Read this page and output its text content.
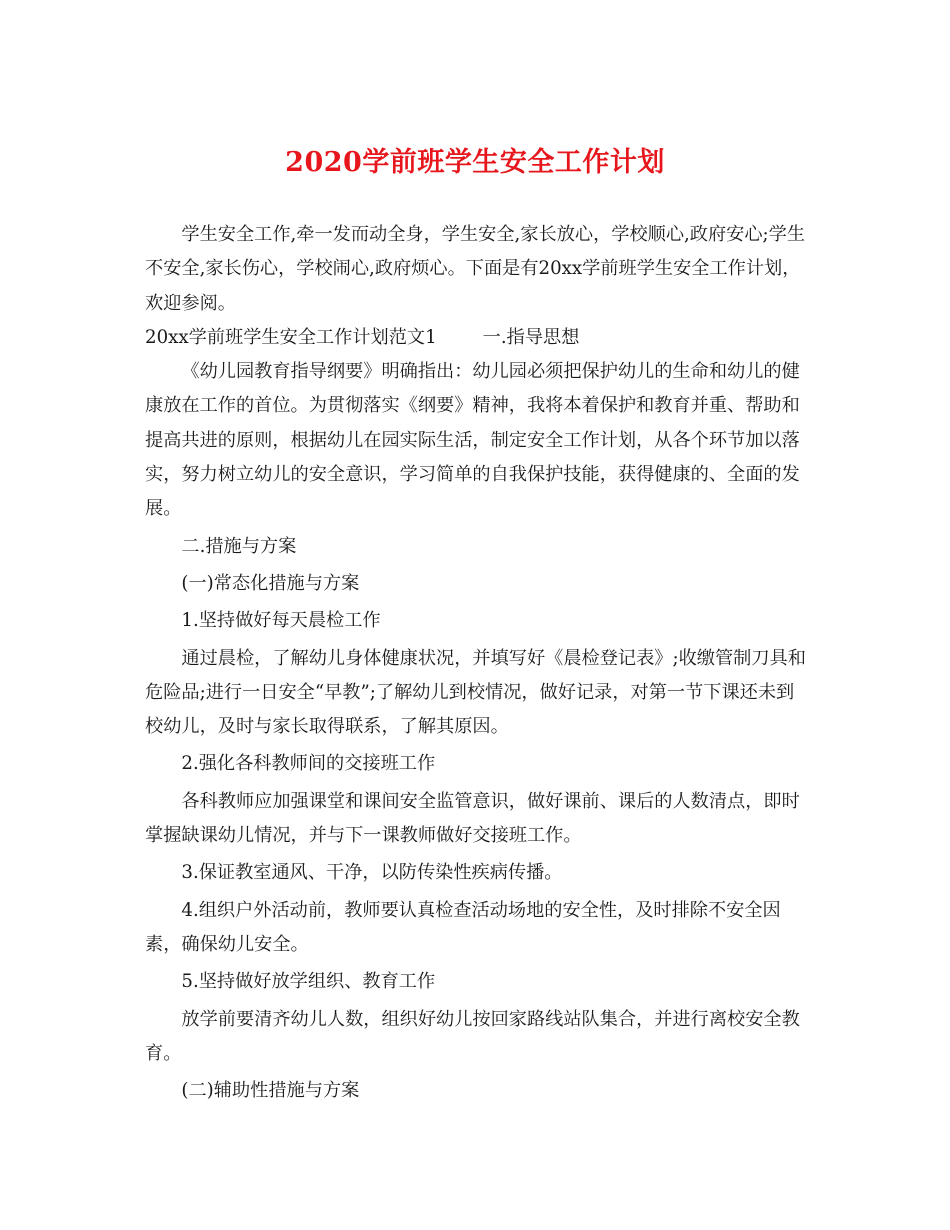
2020学前班学生安全工作计划

学生安全工作,牵一发而动全身，学生安全,家长放心，学校顺心,政府安心;学生不安全,家长伤心，学校闹心,政府烦心。下面是有20xx学前班学生安全工作计划，欢迎参阅。

20xx学前班学生安全工作计划范文1	一.指导思想

《幼儿园教育指导纲要》明确指出：幼儿园必须把保护幼儿的生命和幼儿的健康放在工作的首位。为贯彻落实《纲要》精神，我将本着保护和教育并重、帮助和提高共进的原则，根据幼儿在园实际生活，制定安全工作计划，从各个环节加以落实，努力树立幼儿的安全意识，学习简单的自我保护技能，获得健康的、全面的发展。

二.措施与方案

(一)常态化措施与方案

1.坚持做好每天晨检工作

通过晨检，了解幼儿身体健康状况，并填写好《晨检登记表》;收缴管制刀具和危险品;进行一日安全“早教”;了解幼儿到校情况，做好记录，对第一节下课还未到校幼儿，及时与家长取得联系，了解其原因。

2.强化各科教师间的交接班工作

各科教师应加强课堂和课间安全监管意识，做好课前、课后的人数清点，即时掌握缺课幼儿情况，并与下一课教师做好交接班工作。

3.保证教室通风、干净，以防传染性疾病传播。

4.组织户外活动前，教师要认真检查活动场地的安全性，及时排除不安全因素，确保幼儿安全。

5.坚持做好放学组织、教育工作

放学前要清齐幼儿人数，组织好幼儿按回家路线站队集合，并进行离校安全教育。

(二)辅助性措施与方案
